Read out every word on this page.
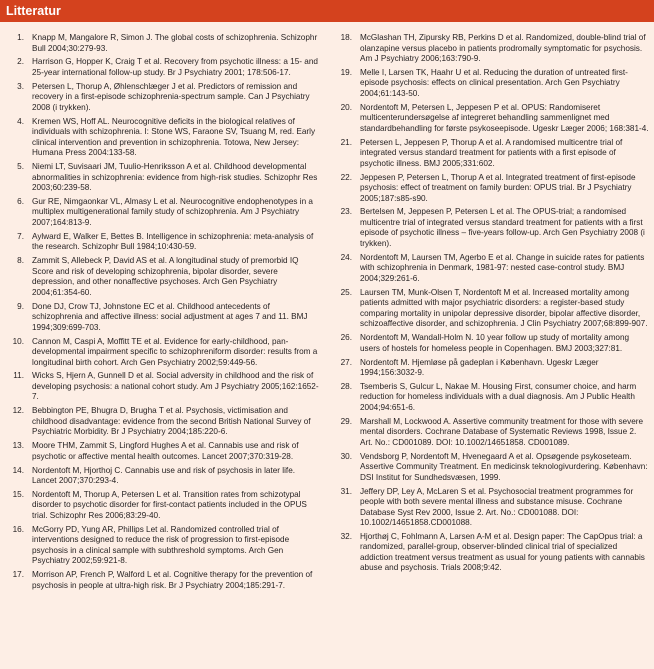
Litteratur
1. Knapp M, Mangalore R, Simon J. The global costs of schizophrenia. Schizophr Bull 2004;30:279-93.
2. Harrison G, Hopper K, Craig T et al. Recovery from psychotic illness: a 15- and 25-year international follow-up study. Br J Psychiatry 2001; 178:506-17.
3. Petersen L, Thorup A, Øhlenschlæger J et al. Predictors of remission and recovery in a first-episode schizophrenia-spectrum sample. Can J Psychiatry 2008 (i trykken).
4. Kremen WS, Hoff AL. Neurocognitive deficits in the biological relatives of individuals with schizophrenia. I: Stone WS, Faraone SV, Tsuang M, red. Early clinical intervention and prevention in schizophrenia. Totowa, New Jersey: Humana Press 2004:133-58.
5. Niemi LT, Suvisaari JM, Tuulio-Henriksson A et al. Childhood developmental abnormalities in schizophrenia: evidence from high-risk studies. Schizophr Res 2003;60:239-58.
6. Gur RE, Nimgaonkar VL, Almasy L et al. Neurocognitive endophenotypes in a multiplex multigenerational family study of schizophrenia. Am J Psychiatry 2007;164:813-9.
7. Aylward E, Walker E, Bettes B. Intelligence in schizophrenia: meta-analysis of the research. Schizophr Bull 1984;10:430-59.
8. Zammit S, Allebeck P, David AS et al. A longitudinal study of premorbid IQ Score and risk of developing schizophrenia, bipolar disorder, severe depression, and other nonaffective psychoses. Arch Gen Psychiatry 2004;61:354-60.
9. Done DJ, Crow TJ, Johnstone EC et al. Childhood antecedents of schizophrenia and affective illness: social adjustment at ages 7 and 11. BMJ 1994;309:699-703.
10. Cannon M, Caspi A, Moffitt TE et al. Evidence for early-childhood, pan-developmental impairment specific to schizophreniform disorder: results from a longitudinal birth cohort. Arch Gen Psychiatry 2002;59:449-56.
11. Wicks S, Hjern A, Gunnell D et al. Social adversity in childhood and the risk of developing psychosis: a national cohort study. Am J Psychiatry 2005;162:1652-7.
12. Bebbington PE, Bhugra D, Brugha T et al. Psychosis, victimisation and childhood disadvantage: evidence from the second British National Survey of Psychiatric Morbidity. Br J Psychiatry 2004;185:220-6.
13. Moore THM, Zammit S, Lingford Hughes A et al. Cannabis use and risk of psychotic or affective mental health outcomes. Lancet 2007;370:319-28.
14. Nordentoft M, Hjorthoj C. Cannabis use and risk of psychosis in later life. Lancet 2007;370:293-4.
15. Nordentoft M, Thorup A, Petersen L et al. Transition rates from schizotypal disorder to psychotic disorder for first-contact patients included in the OPUS trial. Schizophr Res 2006;83:29-40.
16. McGorry PD, Yung AR, Phillips Let al. Randomized controlled trial of interventions designed to reduce the risk of progression to first-episode psychosis in a clinical sample with subthreshold symptoms. Arch Gen Psychiatry 2002;59:921-8.
17. Morrison AP, French P, Walford L et al. Cognitive therapy for the prevention of psychosis in people at ultra-high risk. Br J Psychiatry 2004;185:291-7.
18. McGlashan TH, Zipursky RB, Perkins D et al. Randomized, double-blind trial of olanzapine versus placebo in patients prodromally symptomatic for psychosis. Am J Psychiatry 2006;163:790-9.
19. Melle I, Larsen TK, Haahr U et al. Reducing the duration of untreated first-episode psychosis: effects on clinical presentation. Arch Gen Psychiatry 2004;61:143-50.
20. Nordentoft M, Petersen L, Jeppesen P et al. OPUS: Randomiseret multicenterundersøgelse af integreret behandling sammenlignet med standardbehandling for første psykoseepisode. Ugeskr Læger 2006; 168:381-4.
21. Petersen L, Jeppesen P, Thorup A et al. A randomised multicentre trial of integrated versus standard treatment for patients with a first episode of psychotic illness. BMJ 2005;331:602.
22. Jeppesen P, Petersen L, Thorup A et al. Integrated treatment of first-episode psychosis: effect of treatment on family burden: OPUS trial. Br J Psychiatry 2005;187:s85-s90.
23. Bertelsen M, Jeppesen P, Petersen L et al. The OPUS-trial; a randomised multicentre trial of integrated versus standard treatment for patients with a first episode of psychotic illness – five-years follow-up. Arch Gen Psychiatry 2008 (i trykken).
24. Nordentoft M, Laursen TM, Agerbo E et al. Change in suicide rates for patients with schizophrenia in Denmark, 1981-97: nested case-control study. BMJ 2004;329:261-6.
25. Laursen TM, Munk-Olsen T, Nordentoft M et al. Increased mortality among patients admitted with major psychiatric disorders: a register-based study comparing mortality in unipolar depressive disorder, bipolar affective disorder, schizoaffective disorder, and schizophrenia. J Clin Psychiatry 2007;68:899-907.
26. Nordentoft M, Wandall-Holm N. 10 year follow up study of mortality among users of hostels for homeless people in Copenhagen. BMJ 2003;327:81.
27. Nordentoft M. Hjemløse på gadeplan i København. Ugeskr Læger 1994;156:3032-9.
28. Tsemberis S, Gulcur L, Nakae M. Housing First, consumer choice, and harm reduction for homeless individuals with a dual diagnosis. Am J Public Health 2004;94:651-6.
29. Marshall M, Lockwood A. Assertive community treatment for those with severe mental disorders. Cochrane Database of Systematic Reviews 1998, Issue 2. Art. No.: CD001089. DOI: 10.1002/14651858. CD001089.
30. Vendsborg P, Nordentoft M, Hvenegaard A et al. Opsøgende psykoseteam. Assertive Community Treatment. En medicinsk teknologivurdering. København: DSI Institut for Sundhedsvæsen, 1999.
31. Jeffery DP, Ley A, McLaren S et al. Psychosocial treatment programmes for people with both severe mental illness and substance misuse. Cochrane Database Syst Rev 2000, Issue 2. Art. No.: CD001088. DOI: 10.1002/14651858.CD001088.
32. Hjorthøj C, Fohlmann A, Larsen A-M et al. Design paper: The CapOpus trial: a randomized, parallel-group, observer-blinded clinical trial of specialized addiction treatment versus treatment as usual for young patients with cannabis abuse and psychosis. Trials 2008;9:42.
